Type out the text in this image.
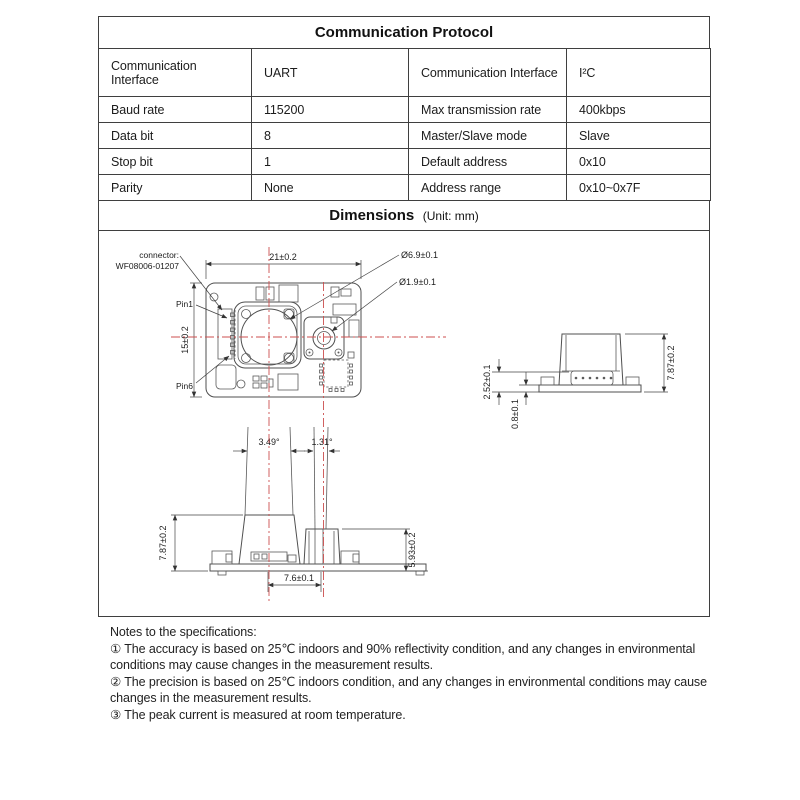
Communication Protocol
Communication Interface	UART	Communication Interface	I²C
Baud rate	115200	Max transmission rate	400kbps
Data bit	8	Master/Slave mode	Slave
Stop bit	1	Default address	0x10
Parity	None	Address range	0x10~0x7F
Dimensions (Unit: mm)
21±0.2
15±0.2
Ø6.9±0.1
Ø1.9±0.1
connector:
WF08006-01207
Pin1
Pin6
7.87±0.2
2.52±0.1
0.8±0.1
3.49°	1.31°
7.87±0.2	5.93±0.2
7.6±0.1
Notes to the specifications:
① The accuracy is based on 25℃ indoors and 90% reflectivity condition, and any changes in environmental conditions may cause changes in the measurement results.
② The precision is based on 25℃ indoors condition, and any changes in environmental conditions may cause changes in the measurement results.
③ The peak current is measured at room temperature.
